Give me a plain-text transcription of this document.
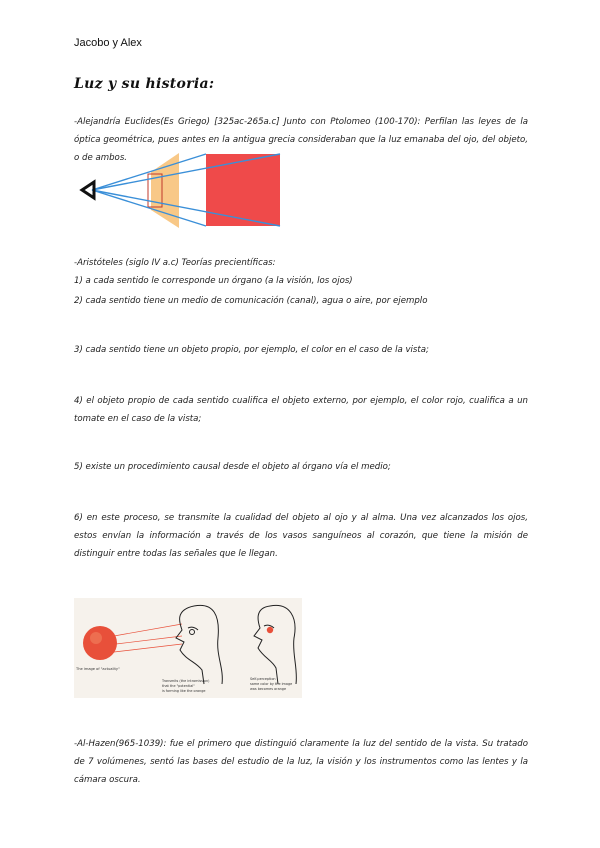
Jacobo y Alex
Luz y su historia:
-Alejandría Euclides(Es Griego) [325ac-265a.c] Junto con Ptolomeo (100-170): Perfilan las leyes de la óptica geométrica, pues antes en la antigua grecia consideraban que la luz emanaba del ojo, del objeto, o de ambos.
-Aristóteles (siglo IV a.c) Teorías precientíficas:
1) a cada sentido le corresponde un órgano (a la visión, los ojos)
2) cada sentido tiene un medio de comunicación (canal), agua o aire, por ejemplo
3) cada sentido tiene un objeto propio, por ejemplo, el color en el caso de la vista;
4) el objeto propio de cada sentido cualifica el objeto externo, por ejemplo, el color rojo, cualifica a un tomate en el caso de la vista;
5) existe un procedimiento causal desde el objeto al órgano vía el medio;
6) en este proceso, se transmite la cualidad del objeto al ojo y al alma. Una vez alcanzados los ojos, estos envían la información a través de los vasos sanguíneos al corazón, que tiene la misión de distinguir entre todas las señales que le llegan.
The image of "actuality"
Transmits (the intromission)
that the "potential"
is forming like the orange
Self-perception
same color by the image
was becomes orange
-Al-Hazen(965-1039): fue el primero que distinguió claramente la luz del sentido de la vista. Su tratado de 7 volúmenes, sentó las bases del estudio de la luz, la visión y los instrumentos como las lentes y la cámara oscura.
